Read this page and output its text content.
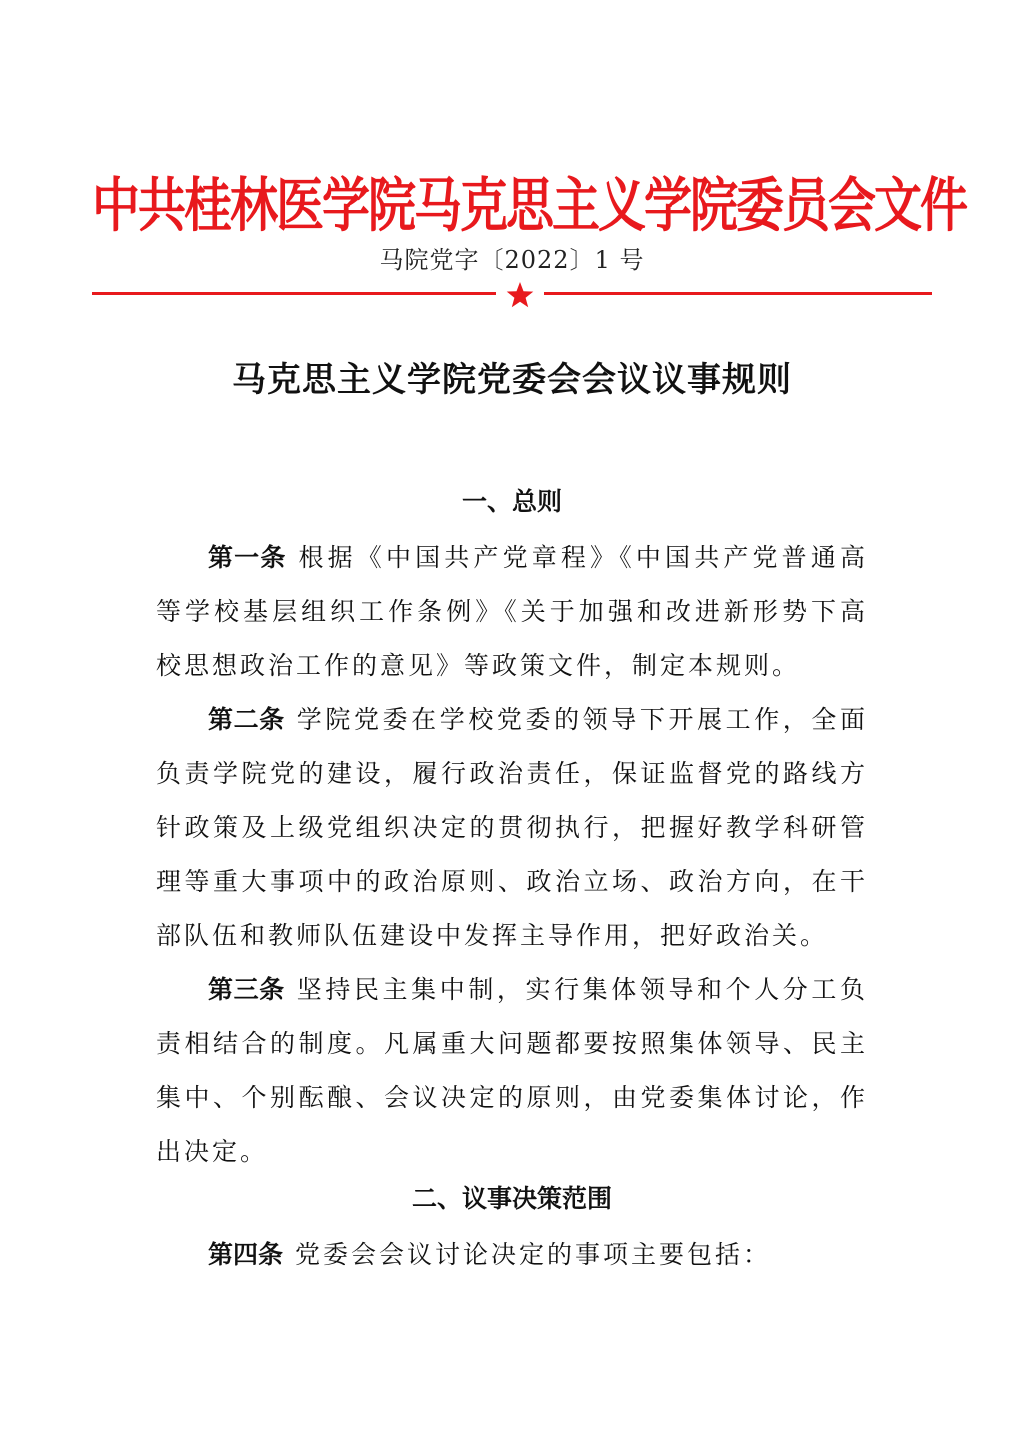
中共桂林医学院马克思主义学院委员会文件
马院党字〔2022〕1 号
马克思主义学院党委会会议议事规则
一、总则

第一条 根据《中国共产党章程》《中国共产党普通高等学校基层组织工作条例》《关于加强和改进新形势下高校思想政治工作的意见》等政策文件，制定本规则。

第二条 学院党委在学校党委的领导下开展工作，全面负责学院党的建设，履行政治责任，保证监督党的路线方针政策及上级党组织决定的贯彻执行，把握好教学科研管理等重大事项中的政治原则、政治立场、政治方向，在干部队伍和教师队伍建设中发挥主导作用，把好政治关。

第三条 坚持民主集中制，实行集体领导和个人分工负责相结合的制度。凡属重大问题都要按照集体领导、民主集中、个别酝酿、会议决定的原则，由党委集体讨论，作出决定。

二、议事决策范围

第四条 党委会会议讨论决定的事项主要包括：
